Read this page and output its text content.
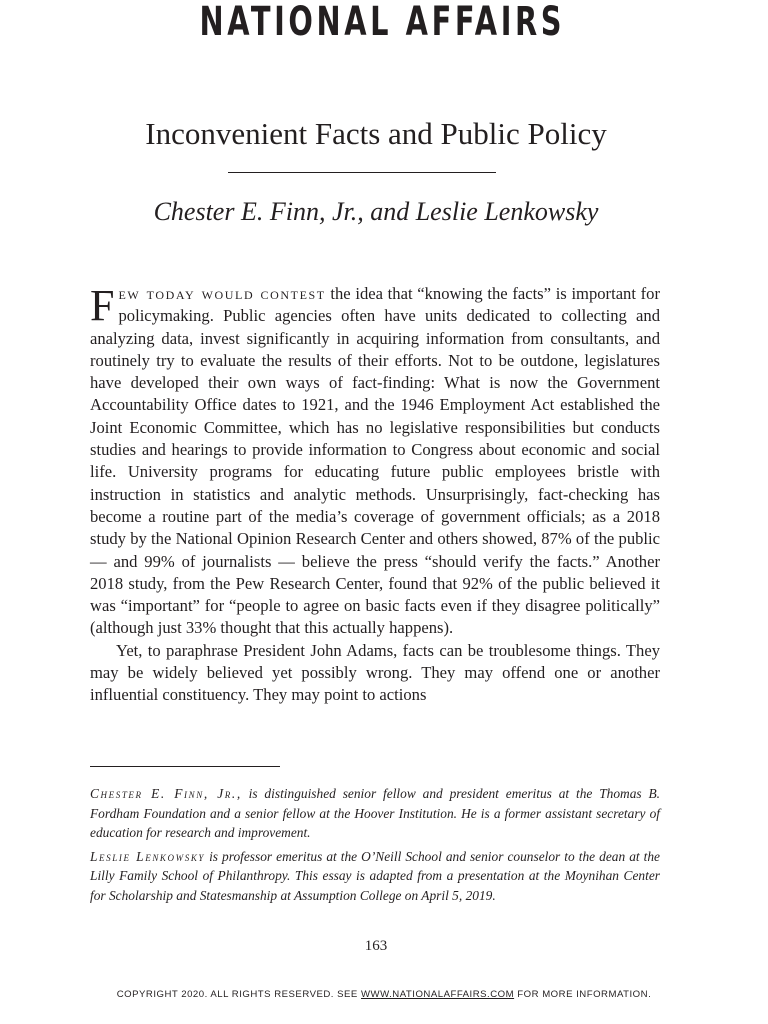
NATIONAL AFFAIRS
Inconvenient Facts and Public Policy
Chester E. Finn, Jr., and Leslie Lenkowsky

Few today would contest the idea that “knowing the facts” is important for policymaking. Public agencies often have units dedicated to collecting and analyzing data, invest significantly in acquiring information from consultants, and routinely try to evaluate the results of their efforts. Not to be outdone, legislatures have developed their own ways of fact-finding: What is now the Government Accountability Office dates to 1921, and the 1946 Employment Act established the Joint Economic Committee, which has no legislative responsibilities but conducts studies and hearings to provide information to Congress about economic and social life. University programs for educating future public employees bristle with instruction in statistics and analytic methods. Unsurprisingly, fact-checking has become a routine part of the media’s coverage of government officials; as a 2018 study by the National Opinion Research Center and others showed, 87% of the public — and 99% of journalists — believe the press “should verify the facts.” Another 2018 study, from the Pew Research Center, found that 92% of the public believed it was “important” for “people to agree on basic facts even if they disagree politically” (although just 33% thought that this actually happens).

Yet, to paraphrase President John Adams, facts can be troublesome things. They may be widely believed yet possibly wrong. They may offend one or another influential constituency. They may point to actions

Chester E. Finn, Jr., is distinguished senior fellow and president emeritus at the Thomas B. Fordham Foundation and a senior fellow at the Hoover Institution. He is a former assistant secretary of education for research and improvement.

Leslie Lenkowsky is professor emeritus at the O’Neill School and senior counselor to the dean at the Lilly Family School of Philanthropy. This essay is adapted from a presentation at the Moynihan Center for Scholarship and Statesmanship at Assumption College on April 5, 2019.

163
COPYRIGHT 2020. ALL RIGHTS RESERVED. SEE WWW.NATIONALAFFAIRS.COM FOR MORE INFORMATION.
